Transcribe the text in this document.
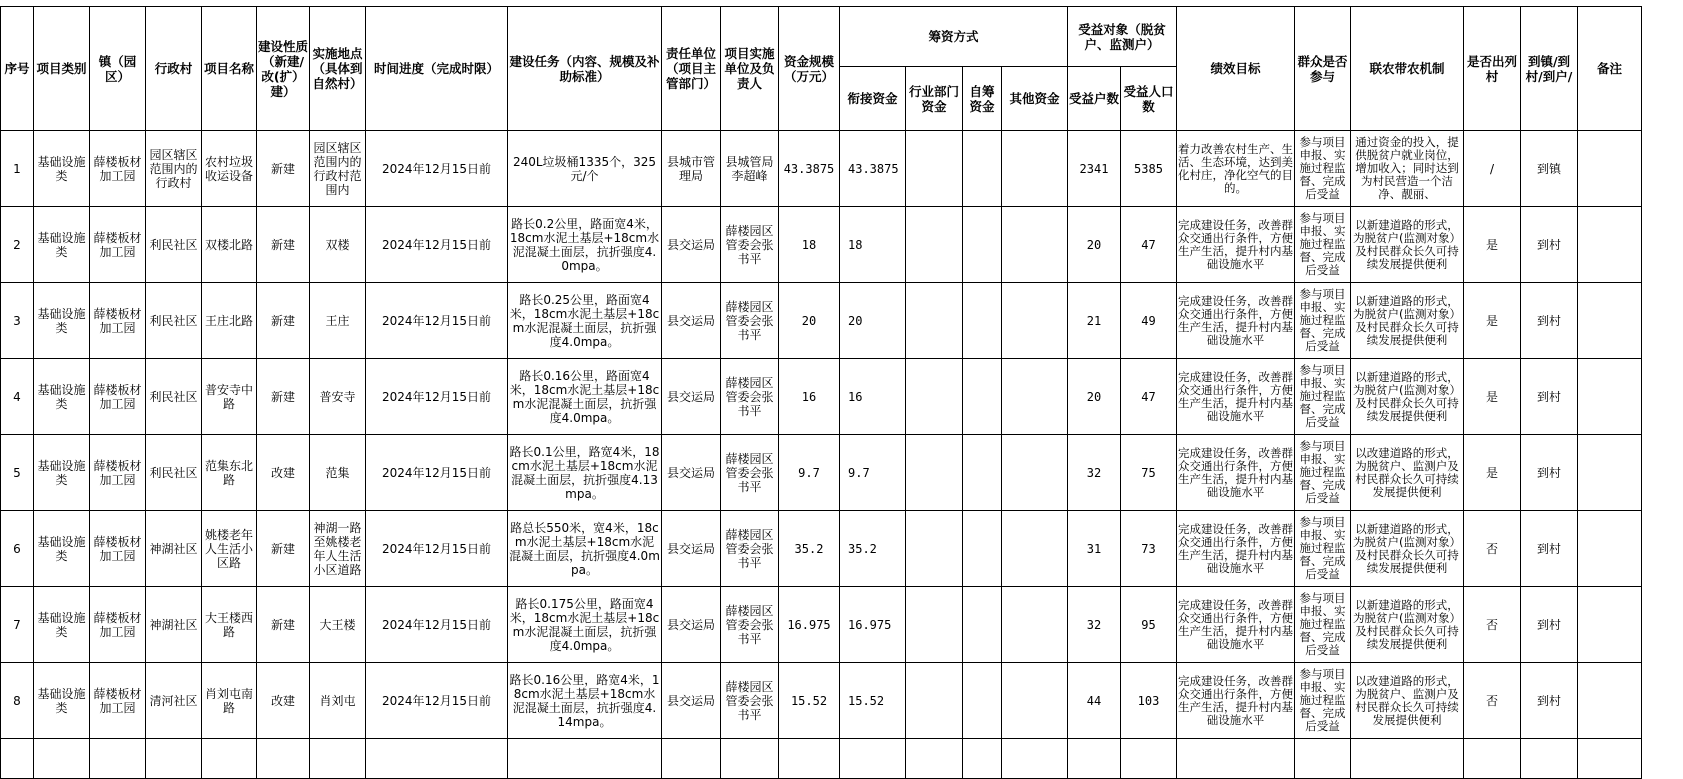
序号	项目类别	镇（园区）	行政村	项目名称	建设性质（新建/改(扩）建）	实施地点（具体到自然村）	时间进度（完成时限）	建设任务（内容、规模及补助标准）	责任单位（项目主管部门）	项目实施单位及负责人	资金规模（万元）	筹资方式				受益对象（脱贫户、监测户）		绩效目标	群众是否参与	联农带农机制	是否出列村	到镇/到村/到户/	备注
												衔接资金	行业部门资金	自筹资金	其他资金	受益户数	受益人口数						

1	基础设施类	薛楼板材加工园	园区辖区范围内的行政村	农村垃圾收运设备	新建	园区辖区范围内的行政村范围内	2024年12月15日前	240L垃圾桶1335个，325元/个	县城市管理局	县城管局李超峰	43.3875	43.3875				2341	5385	着力改善农村生产、生活、生态环境，达到美化村庄，净化空气的目的。	参与项目申报、实施过程监督、完成后受益	通过资金的投入，提供脱贫户就业岗位，增加收入；同时达到为村民营造一个洁净、靓丽、	/	到镇	

2	基础设施类	薛楼板材加工园	利民社区	双楼北路	新建	双楼	2024年12月15日前	路长0.2公里，路面宽4米，18cm水泥土基层+18cm水泥混凝土面层，抗折强度4.0mpa。	县交运局	薛楼园区管委会张书平	18	18				20	47	完成建设任务，改善群众交通出行条件，方便生产生活，提升村内基础设施水平	参与项目申报、实施过程监督、完成后受益	以新建道路的形式，为脱贫户(监测对象）及村民群众长久可持续发展提供便利	是	到村	

3	基础设施类	薛楼板材加工园	利民社区	王庄北路	新建	王庄	2024年12月15日前	路长0.25公里，路面宽4米，18cm水泥土基层+18cm水泥混凝土面层，抗折强度4.0mpa。	县交运局	薛楼园区管委会张书平	20	20				21	49	完成建设任务，改善群众交通出行条件，方便生产生活，提升村内基础设施水平	参与项目申报、实施过程监督、完成后受益	以新建道路的形式，为脱贫户(监测对象）及村民群众长久可持续发展提供便利	是	到村	

4	基础设施类	薛楼板材加工园	利民社区	普安寺中路	新建	普安寺	2024年12月15日前	路长0.16公里，路面宽4米，18cm水泥土基层+18cm水泥混凝土面层，抗折强度4.0mpa。	县交运局	薛楼园区管委会张书平	16	16				20	47	完成建设任务，改善群众交通出行条件，方便生产生活，提升村内基础设施水平	参与项目申报、实施过程监督、完成后受益	以新建道路的形式，为脱贫户(监测对象）及村民群众长久可持续发展提供便利	是	到村	

5	基础设施类	薛楼板材加工园	利民社区	范集东北路	改建	范集	2024年12月15日前	路长0.1公里，路宽4米，18cm水泥土基层+18cm水泥混凝土面层，抗折强度4.13mpa。	县交运局	薛楼园区管委会张书平	9.7	9.7				32	75	完成建设任务，改善群众交通出行条件，方便生产生活，提升村内基础设施水平	参与项目申报、实施过程监督、完成后受益	以改建道路的形式，为脱贫户、监测户及村民群众长久可持续发展提供便利	是	到村	

6	基础设施类	薛楼板材加工园	神湖社区	姚楼老年人生活小区路	新建	神湖一路至姚楼老年人生活小区道路	2024年12月15日前	路总长550米，宽4米，18cm水泥土基层+18cm水泥混凝土面层，抗折强度4.0mpa。	县交运局	薛楼园区管委会张书平	35.2	35.2				31	73	完成建设任务，改善群众交通出行条件，方便生产生活，提升村内基础设施水平	参与项目申报、实施过程监督、完成后受益	以新建道路的形式，为脱贫户(监测对象）及村民群众长久可持续发展提供便利	否	到村	

7	基础设施类	薛楼板材加工园	神湖社区	大王楼西路	新建	大王楼	2024年12月15日前	路长0.175公里，路面宽4米，18cm水泥土基层+18cm水泥混凝土面层，抗折强度4.0mpa。	县交运局	薛楼园区管委会张书平	16.975	16.975				32	95	完成建设任务，改善群众交通出行条件，方便生产生活，提升村内基础设施水平	参与项目申报、实施过程监督、完成后受益	以新建道路的形式，为脱贫户(监测对象）及村民群众长久可持续发展提供便利	否	到村	

8	基础设施类	薛楼板材加工园	清河社区	肖刘屯南路	改建	肖刘屯	2024年12月15日前	路长0.16公里，路宽4米，18cm水泥土基层+18cm水泥混凝土面层，抗折强度4.14mpa。	县交运局	薛楼园区管委会张书平	15.52	15.52				44	103	完成建设任务，改善群众交通出行条件，方便生产生活，提升村内基础设施水平	参与项目申报、实施过程监督、完成后受益	以改建道路的形式，为脱贫户、监测户及村民群众长久可持续发展提供便利	否	到村	
